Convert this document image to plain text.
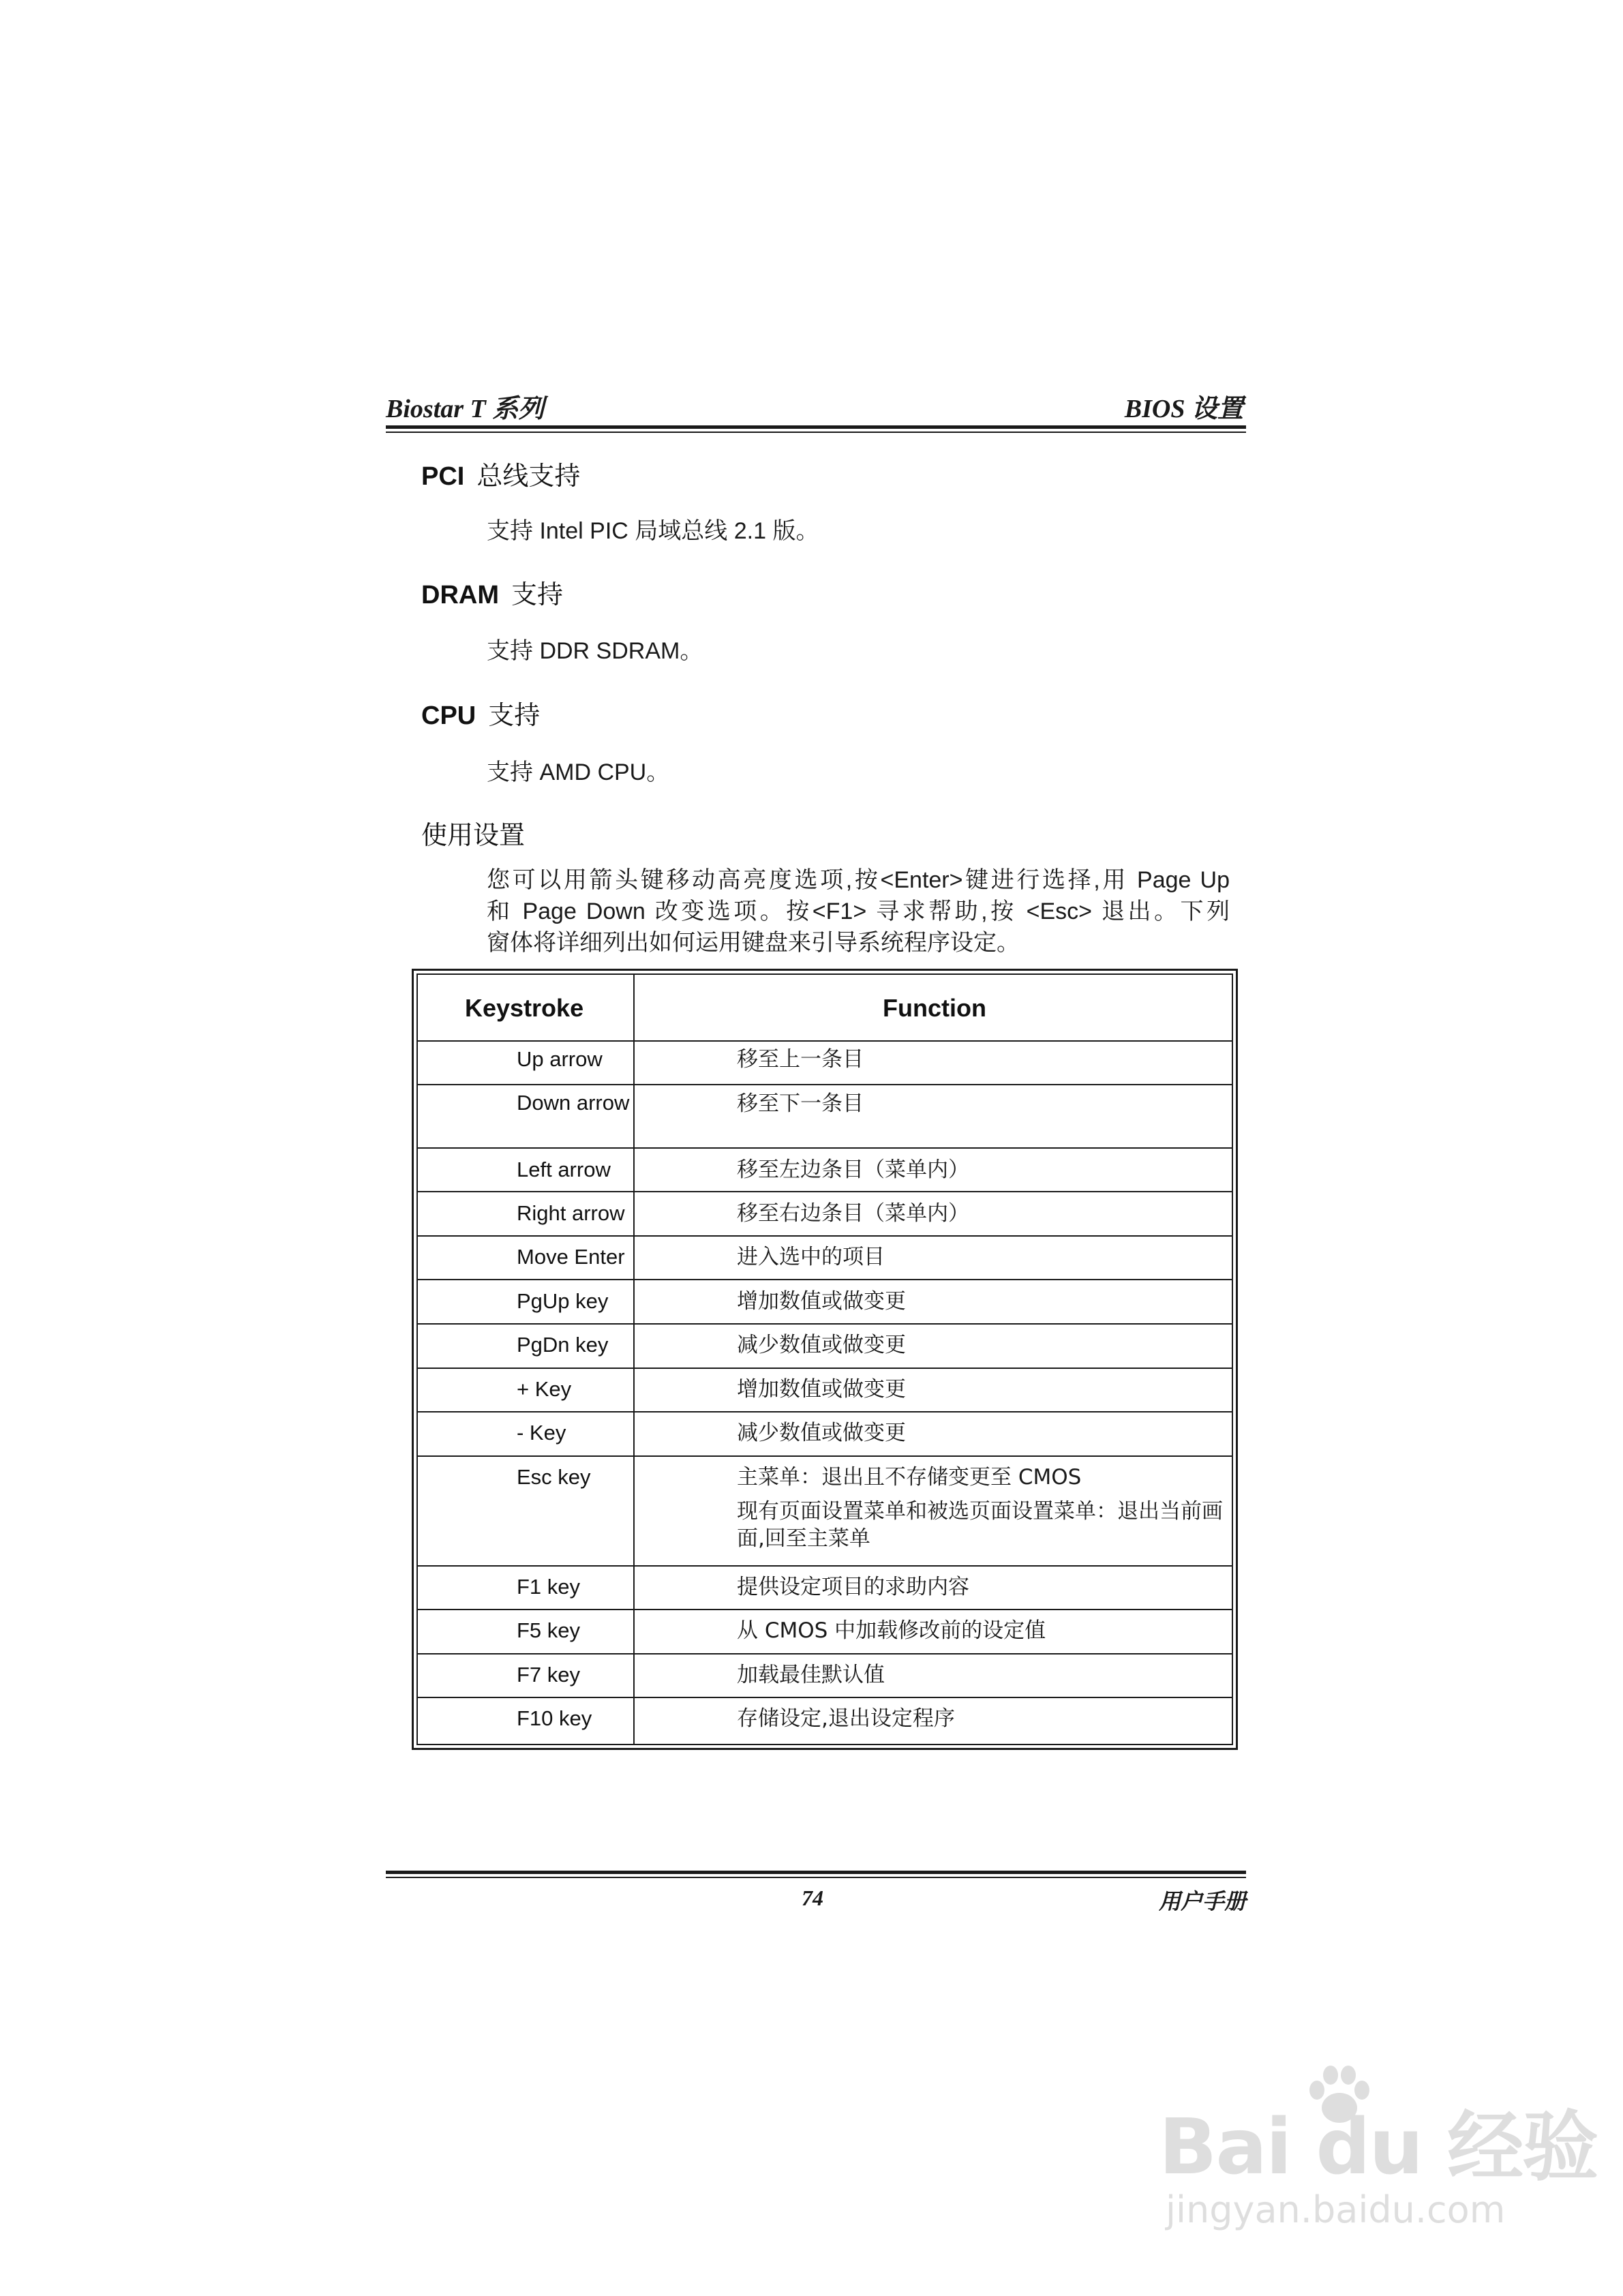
Biostar T 系列	BIOS 设置
PCI 总线支持
支持 Intel PIC 局域总线 2.1 版。
DRAM 支持
支持 DDR SDRAM。
CPU 支持
支持 AMD CPU。
使用设置
您可以用箭头键移动高亮度选项,按<Enter>键进行选择,用 Page Up
和 Page Down 改变选项。按<F1> 寻求帮助,按 <Esc> 退出。下列
窗体将详细列出如何运用键盘来引导系统程序设定。
Keystroke	Function
Up arrow	移至上一条目
Down arrow	移至下一条目
Left arrow	移至左边条目（菜单内）
Right arrow	移至右边条目（菜单内）
Move Enter	进入选中的项目
PgUp key	增加数值或做变更
PgDn key	减少数值或做变更
+ Key	增加数值或做变更
- Key	减少数值或做变更
Esc key	主菜单：退出且不存储变更至 CMOS
现有页面设置菜单和被选页面设置菜单：退出当前画
面,回至主菜单
F1 key	提供设定项目的求助内容
F5 key	从 CMOS 中加载修改前的设定值
F7 key	加载最佳默认值
F10 key	存储设定,退出设定程序
74	用户手册
Bai du 经验
jingyan.baidu.com
